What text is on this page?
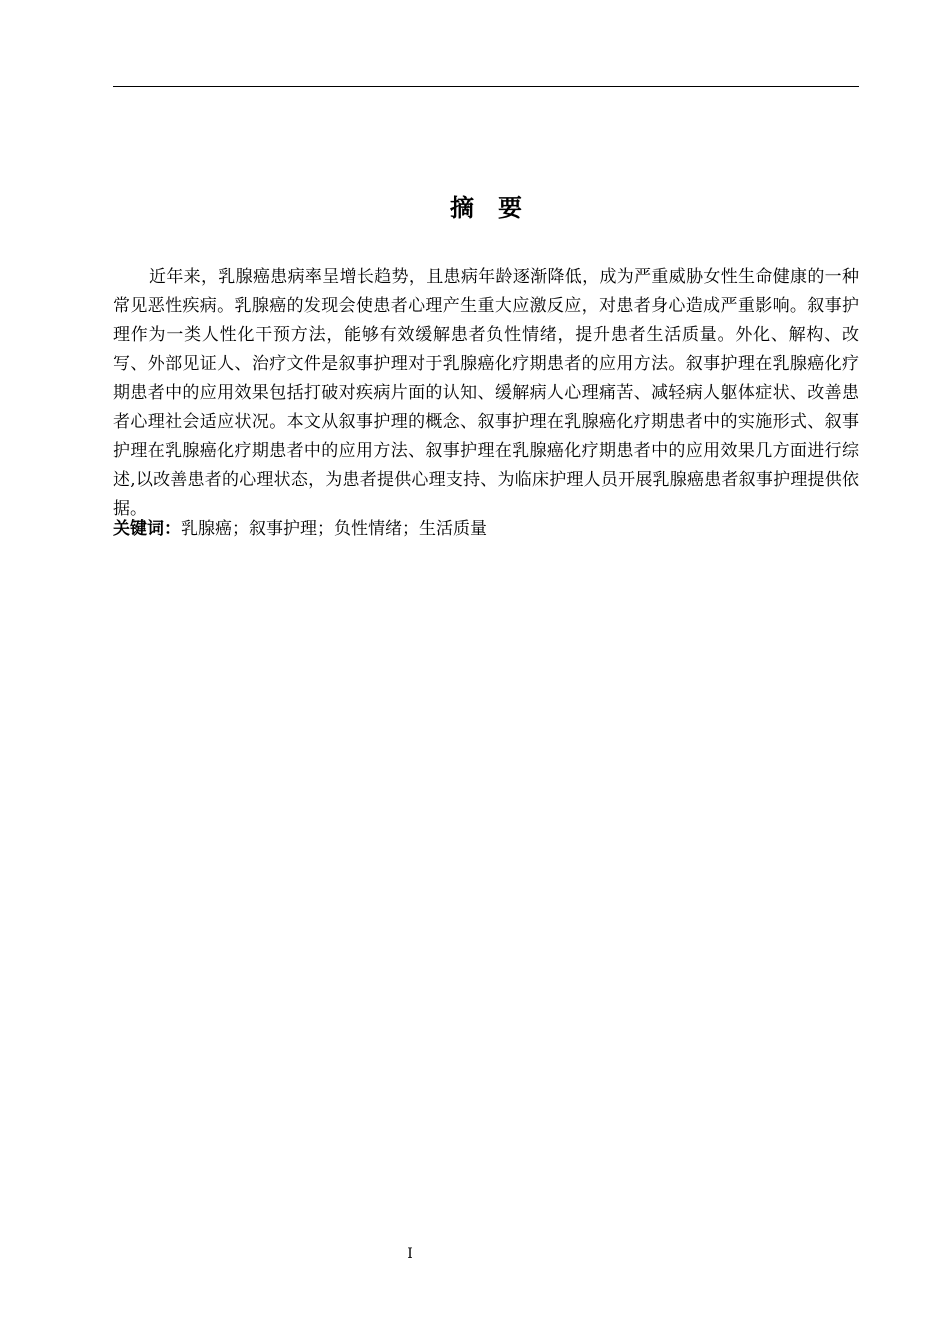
摘 要

近年来，乳腺癌患病率呈增长趋势，且患病年龄逐渐降低，成为严重威胁女性生命健康的一种常见恶性疾病。乳腺癌的发现会使患者心理产生重大应激反应，对患者身心造成严重影响。叙事护理作为一类人性化干预方法，能够有效缓解患者负性情绪，提升患者生活质量。外化、解构、改写、外部见证人、治疗文件是叙事护理对于乳腺癌化疗期患者的应用方法。叙事护理在乳腺癌化疗期患者中的应用效果包括打破对疾病片面的认知、缓解病人心理痛苦、减轻病人躯体症状、改善患者心理社会适应状况。本文从叙事护理的概念、叙事护理在乳腺癌化疗期患者中的实施形式、叙事护理在乳腺癌化疗期患者中的应用方法、叙事护理在乳腺癌化疗期患者中的应用效果几方面进行综述,以改善患者的心理状态，为患者提供心理支持、为临床护理人员开展乳腺癌患者叙事护理提供依据。

关键词：乳腺癌；叙事护理；负性情绪；生活质量
I
